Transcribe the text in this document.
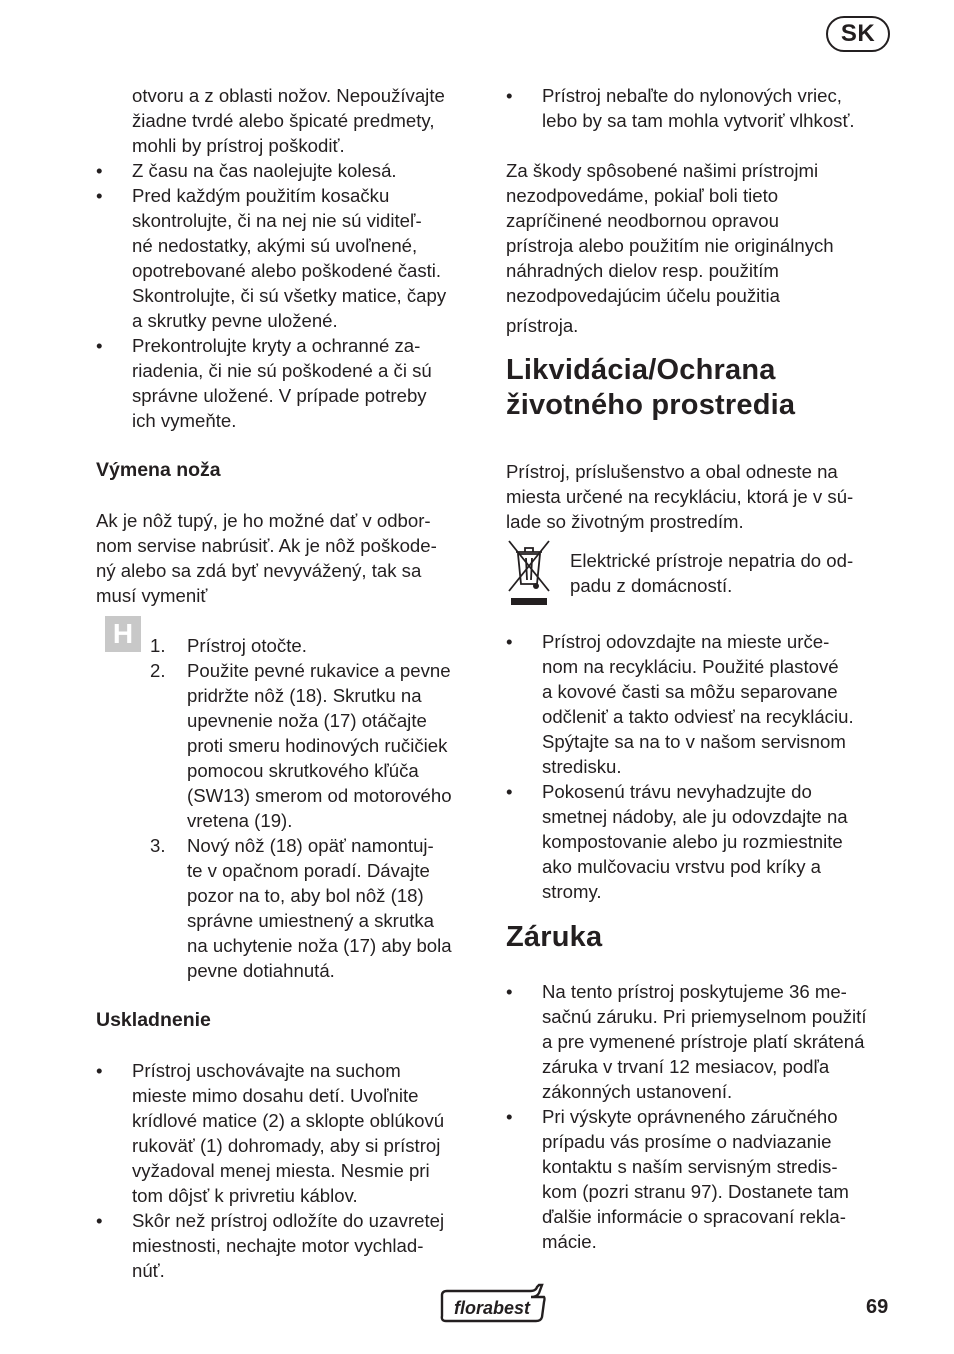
SK
otvoru a z oblasti nožov. Nepoužívajte
žiadne tvrdé alebo špicaté predmety,
mohli by prístroj poškodiť.
•	Z času na čas naolejujte kolesá.
•	Pred každým použitím kosačku
skontrolujte, či na nej nie sú viditeľ-
né nedostatky, akými sú uvoľnené,
opotrebované alebo poškodené časti.
Skontrolujte, či sú všetky matice, čapy
a skrutky pevne uložené.
•	Prekontrolujte kryty a ochranné za-
riadenia, či nie sú poškodené a či sú
správne uložené. V prípade potreby
ich vymeňte.
Výmena noža
Ak je nôž tupý, je ho možné dať v odbor-
nom servise nabrúsiť. Ak je nôž poškode-
ný alebo sa zdá byť nevyvážený, tak sa
musí vymeniť
1. Prístroj otočte.
2. Použite pevné rukavice a pevne
pridržte nôž (18). Skrutku na
upevnenie noža (17) otáčajte
proti smeru hodinových ručičiek
pomocou skrutkového kľúča
(SW13) smerom od motorového
vretena (19).
3. Nový nôž (18) opäť namontuj-
te v opačnom poradí. Dávajte
pozor na to, aby bol nôž (18)
správne umiestnený a skrutka
na uchytenie noža (17) aby bola
pevne dotiahnutá.
Uskladnenie
•	Prístroj uschovávajte na suchom
mieste mimo dosahu detí. Uvoľnite
krídlové matice (2) a sklopte oblúkovú
rukoväť (1) dohromady, aby si prístroj
vyžadoval menej miesta. Nesmie pri
tom dôjsť k privretiu káblov.
•	Skôr než prístroj odložíte do uzavretej
miestnosti, nechajte motor vychlad-
núť.
H
•	Prístroj nebaľte do nylonových vriec,
lebo by sa tam mohla vytvoriť vlhkosť.
Za škody spôsobené našimi prístrojmi
nezodpovedáme, pokiaľ boli tieto
zapríčinené neodbornou opravou
prístroja alebo použitím nie originálnych
náhradných dielov resp. použitím
nezodpovedajúcim účelu použitia
prístroja.
Likvidácia/Ochrana
životného prostredia
Prístroj, príslušenstvo a obal odneste na
miesta určené na recykláciu, ktorá je v sú-
lade so životným prostredím.
Elektrické prístroje nepatria do od-
padu z domácností.
•	Prístroj odovzdajte na mieste urče-
nom na recykláciu. Použité plastové
a kovové časti sa môžu separovane
odčleniť a takto odviesť na recykláciu.
Spýtajte sa na to v našom servisnom
stredisku.
•	Pokosenú trávu nevyhadzujte do
smetnej nádoby, ale ju odovzdajte na
kompostovanie alebo ju rozmiestnite
ako mulčovaciu vrstvu pod kríky a
stromy.
Záruka
•	Na tento prístroj poskytujeme 36 me-
sačnú záruku. Pri priemyselnom použití
a pre vymenené prístroje platí skrátená
záruka v trvaní 12 mesiacov, podľa
zákonných ustanovení.
•	Pri výskyte oprávneného záručného
prípadu vás prosíme o nadviazanie
kontaktu s naším servisným stredis-
kom (pozri stranu 97). Dostanete tam
ďalšie informácie o spracovaní rekla-
mácie.
florabest	69
